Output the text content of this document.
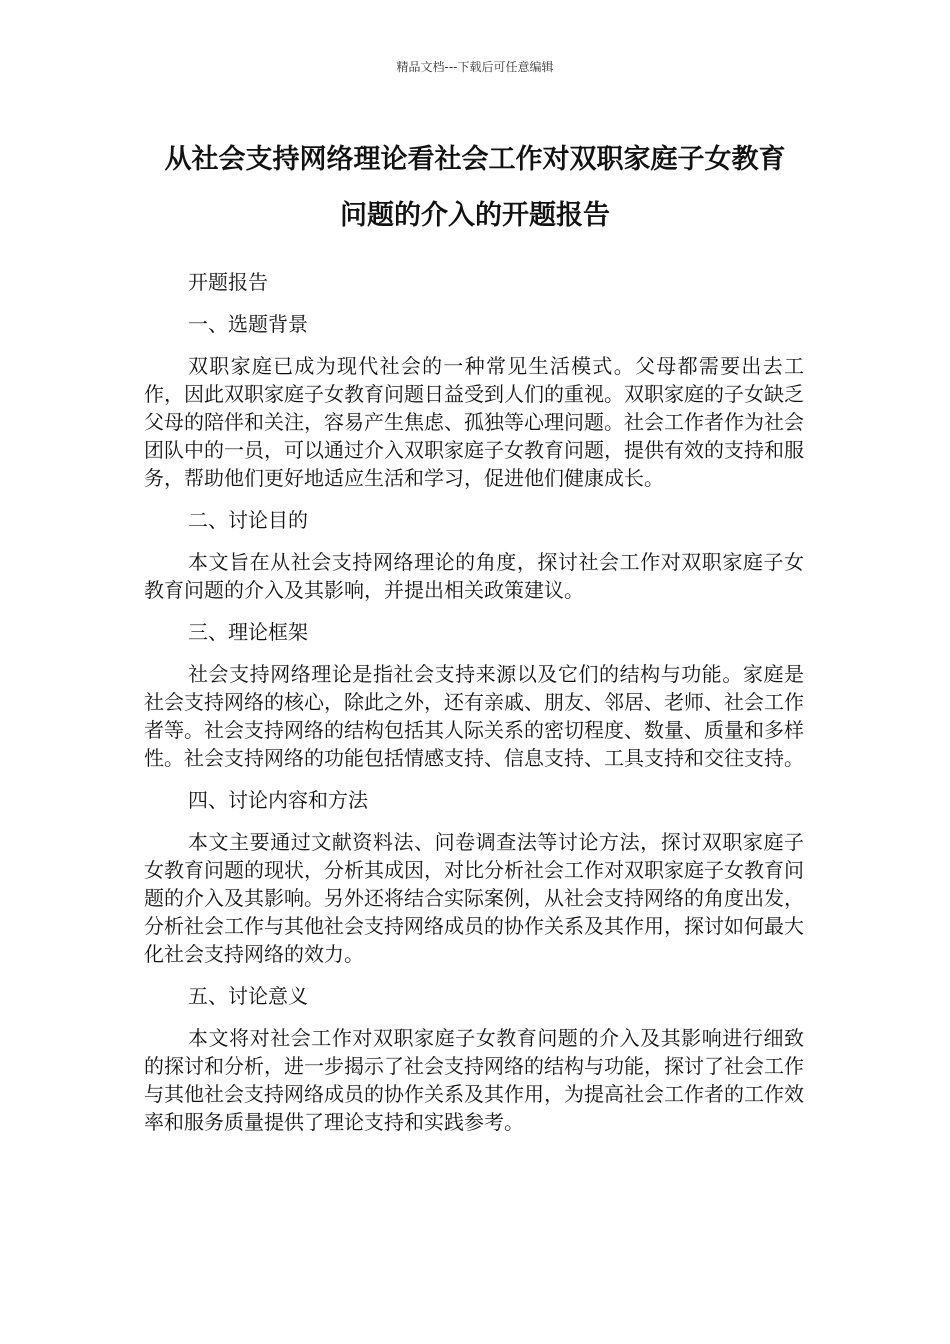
精品文档---下载后可任意编辑
从社会支持网络理论看社会工作对双职家庭子女教育
问题的介入的开题报告

开题报告

一、选题背景

双职家庭已成为现代社会的一种常见生活模式。父母都需要出去工作，因此双职家庭子女教育问题日益受到人们的重视。双职家庭的子女缺乏父母的陪伴和关注，容易产生焦虑、孤独等心理问题。社会工作者作为社会团队中的一员，可以通过介入双职家庭子女教育问题，提供有效的支持和服务，帮助他们更好地适应生活和学习，促进他们健康成长。

二、讨论目的

本文旨在从社会支持网络理论的角度，探讨社会工作对双职家庭子女教育问题的介入及其影响，并提出相关政策建议。

三、理论框架

社会支持网络理论是指社会支持来源以及它们的结构与功能。家庭是社会支持网络的核心，除此之外，还有亲戚、朋友、邻居、老师、社会工作者等。社会支持网络的结构包括其人际关系的密切程度、数量、质量和多样性。社会支持网络的功能包括情感支持、信息支持、工具支持和交往支持。

四、讨论内容和方法

本文主要通过文献资料法、问卷调查法等讨论方法，探讨双职家庭子女教育问题的现状，分析其成因，对比分析社会工作对双职家庭子女教育问题的介入及其影响。另外还将结合实际案例，从社会支持网络的角度出发，分析社会工作与其他社会支持网络成员的协作关系及其作用，探讨如何最大化社会支持网络的效力。

五、讨论意义

本文将对社会工作对双职家庭子女教育问题的介入及其影响进行细致的探讨和分析，进一步揭示了社会支持网络的结构与功能，探讨了社会工作与其他社会支持网络成员的协作关系及其作用，为提高社会工作者的工作效率和服务质量提供了理论支持和实践参考。
